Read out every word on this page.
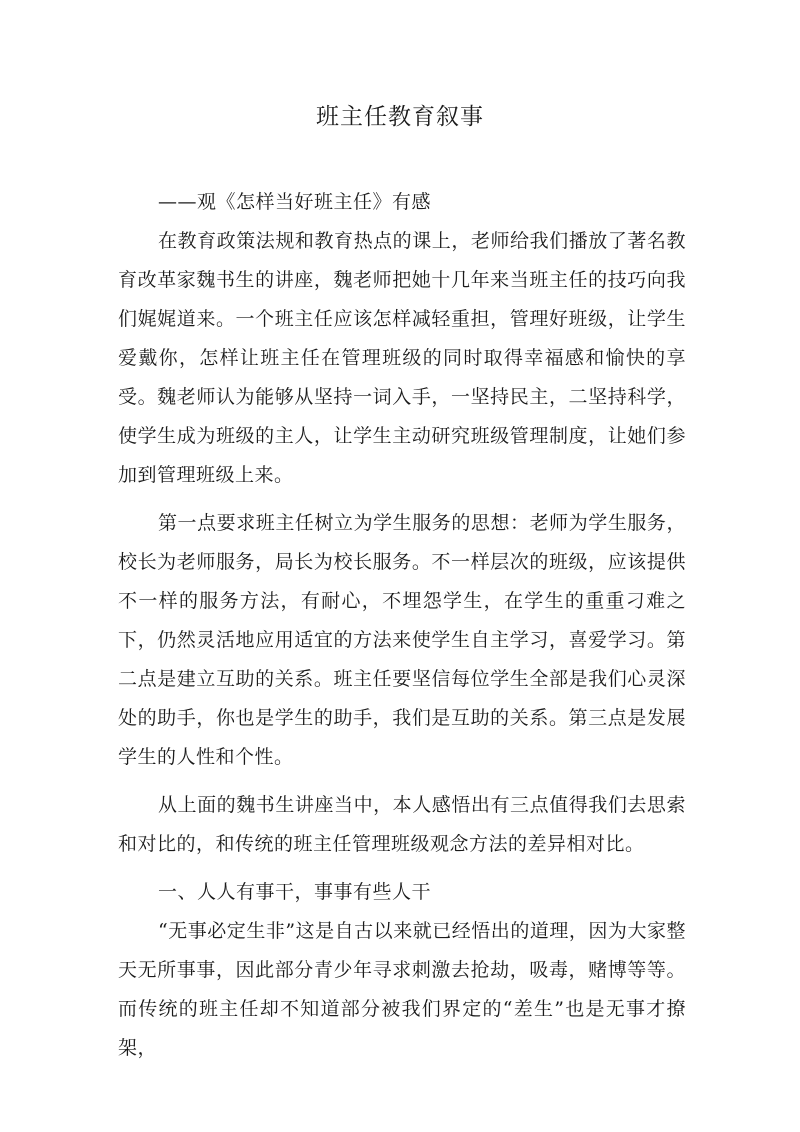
班主任教育叙事

——观《怎样当好班主任》有感

在教育政策法规和教育热点的课上，老师给我们播放了著名教育改革家魏书生的讲座，魏老师把她十几年来当班主任的技巧向我们娓娓道来。一个班主任应该怎样减轻重担，管理好班级，让学生爱戴你，怎样让班主任在管理班级的同时取得幸福感和愉快的享受。魏老师认为能够从坚持一词入手，一坚持民主，二坚持科学，使学生成为班级的主人，让学生主动研究班级管理制度，让她们参加到管理班级上来。

第一点要求班主任树立为学生服务的思想：老师为学生服务，校长为老师服务，局长为校长服务。不一样层次的班级，应该提供不一样的服务方法，有耐心，不埋怨学生，在学生的重重刁难之下，仍然灵活地应用适宜的方法来使学生自主学习，喜爱学习。第二点是建立互助的关系。班主任要坚信每位学生全部是我们心灵深处的助手，你也是学生的助手，我们是互助的关系。第三点是发展学生的人性和个性。

从上面的魏书生讲座当中，本人感悟出有三点值得我们去思索和对比的，和传统的班主任管理班级观念方法的差异相对比。

一、人人有事干，事事有些人干

“无事必定生非”这是自古以来就已经悟出的道理，因为大家整天无所事事，因此部分青少年寻求刺激去抢劫，吸毒，赌博等等。而传统的班主任却不知道部分被我们界定的“差生”也是无事才撩架，
